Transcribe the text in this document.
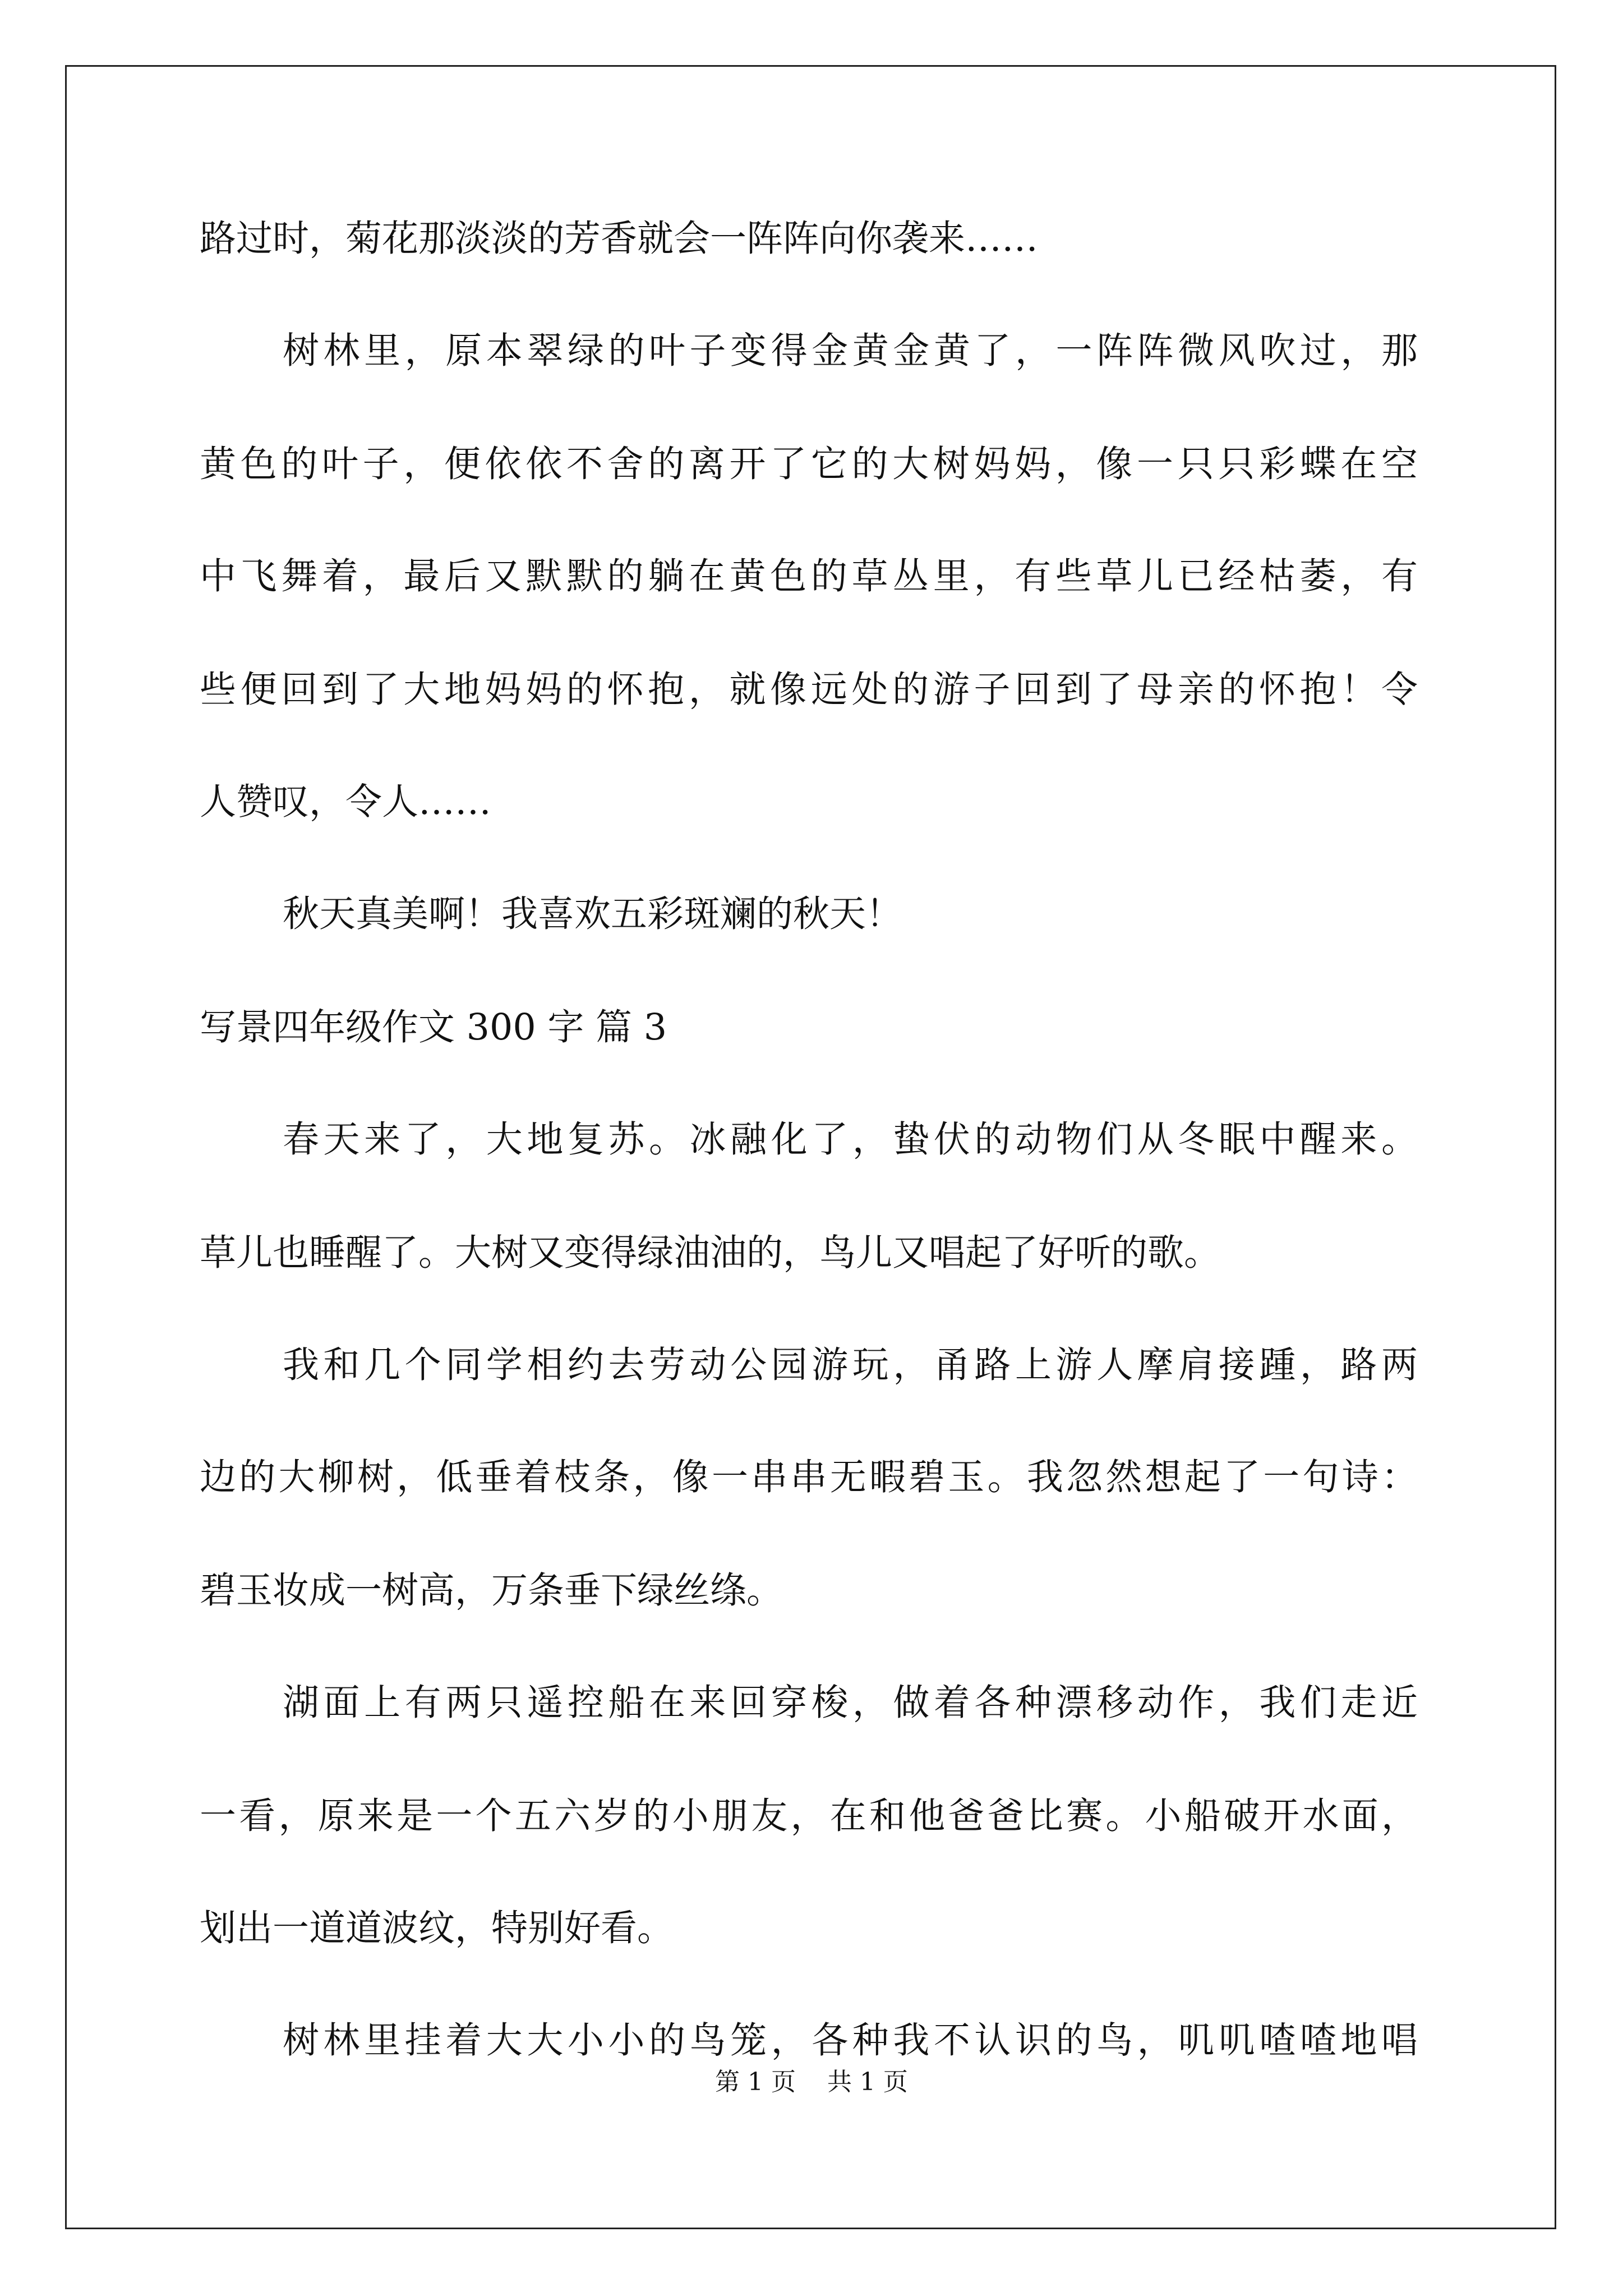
路过时，菊花那淡淡的芳香就会一阵阵向你袭来……
树林里，原本翠绿的叶子变得金黄金黄了，一阵阵微风吹过，那
黄色的叶子，便依依不舍的离开了它的大树妈妈，像一只只彩蝶在空
中飞舞着，最后又默默的躺在黄色的草丛里，有些草儿已经枯萎，有
些便回到了大地妈妈的怀抱，就像远处的游子回到了母亲的怀抱！令
人赞叹，令人……
秋天真美啊！我喜欢五彩斑斓的秋天！
写景四年级作文 300 字 篇 3
春天来了，大地复苏。冰融化了，蛰伏的动物们从冬眠中醒来。
草儿也睡醒了。大树又变得绿油油的，鸟儿又唱起了好听的歌。
我和几个同学相约去劳动公园游玩，甬路上游人摩肩接踵，路两
边的大柳树，低垂着枝条，像一串串无暇碧玉。我忽然想起了一句诗：
碧玉妆成一树高，万条垂下绿丝绦。
湖面上有两只遥控船在来回穿梭，做着各种漂移动作，我们走近
一看，原来是一个五六岁的小朋友，在和他爸爸比赛。小船破开水面，
划出一道道波纹，特别好看。
树林里挂着大大小小的鸟笼，各种我不认识的鸟，叽叽喳喳地唱
第 1 页    共 1 页
